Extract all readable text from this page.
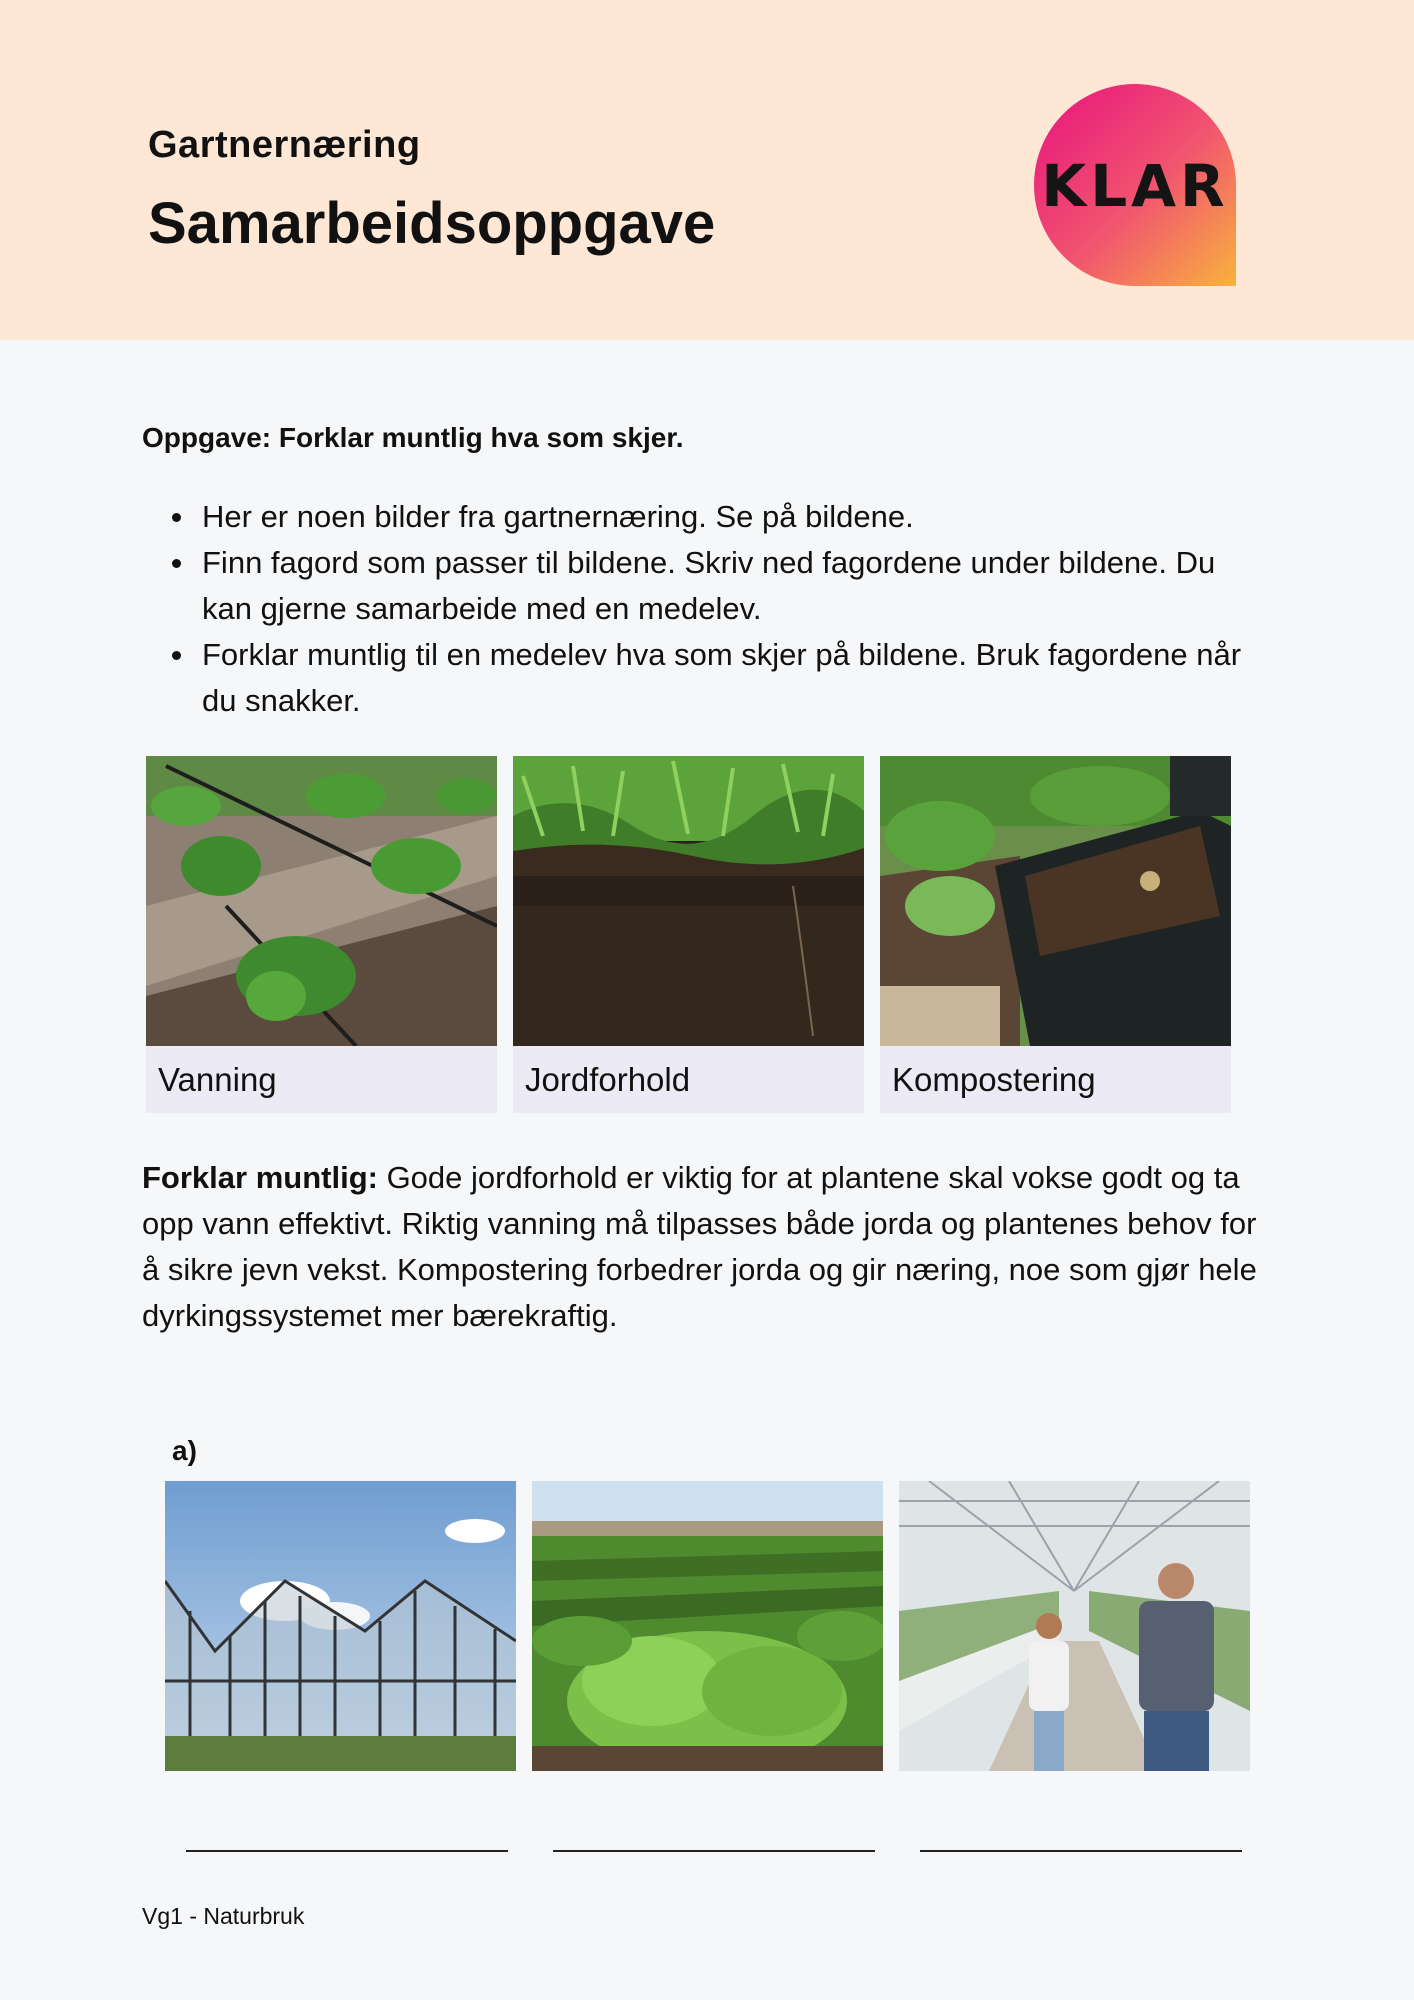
Gartnernæring
Samarbeidsoppgave
KLAR
Oppgave: Forklar muntlig hva som skjer.
Her er noen bilder fra gartnernæring. Se på bildene.
Finn fagord som passer til bildene. Skriv ned fagordene under bildene. Du kan gjerne samarbeide med en medelev.
Forklar muntlig til en medelev hva som skjer på bildene. Bruk fagordene når du snakker.
Vanning	Jordforhold	Kompostering
Forklar muntlig: Gode jordforhold er viktig for at plantene skal vokse godt og ta opp vann effektivt. Riktig vanning må tilpasses både jorda og plantenes behov for å sikre jevn vekst. Kompostering forbedrer jorda og gir næring, noe som gjør hele dyrkingssystemet mer bærekraftig.
a)
Vg1 - Naturbruk
